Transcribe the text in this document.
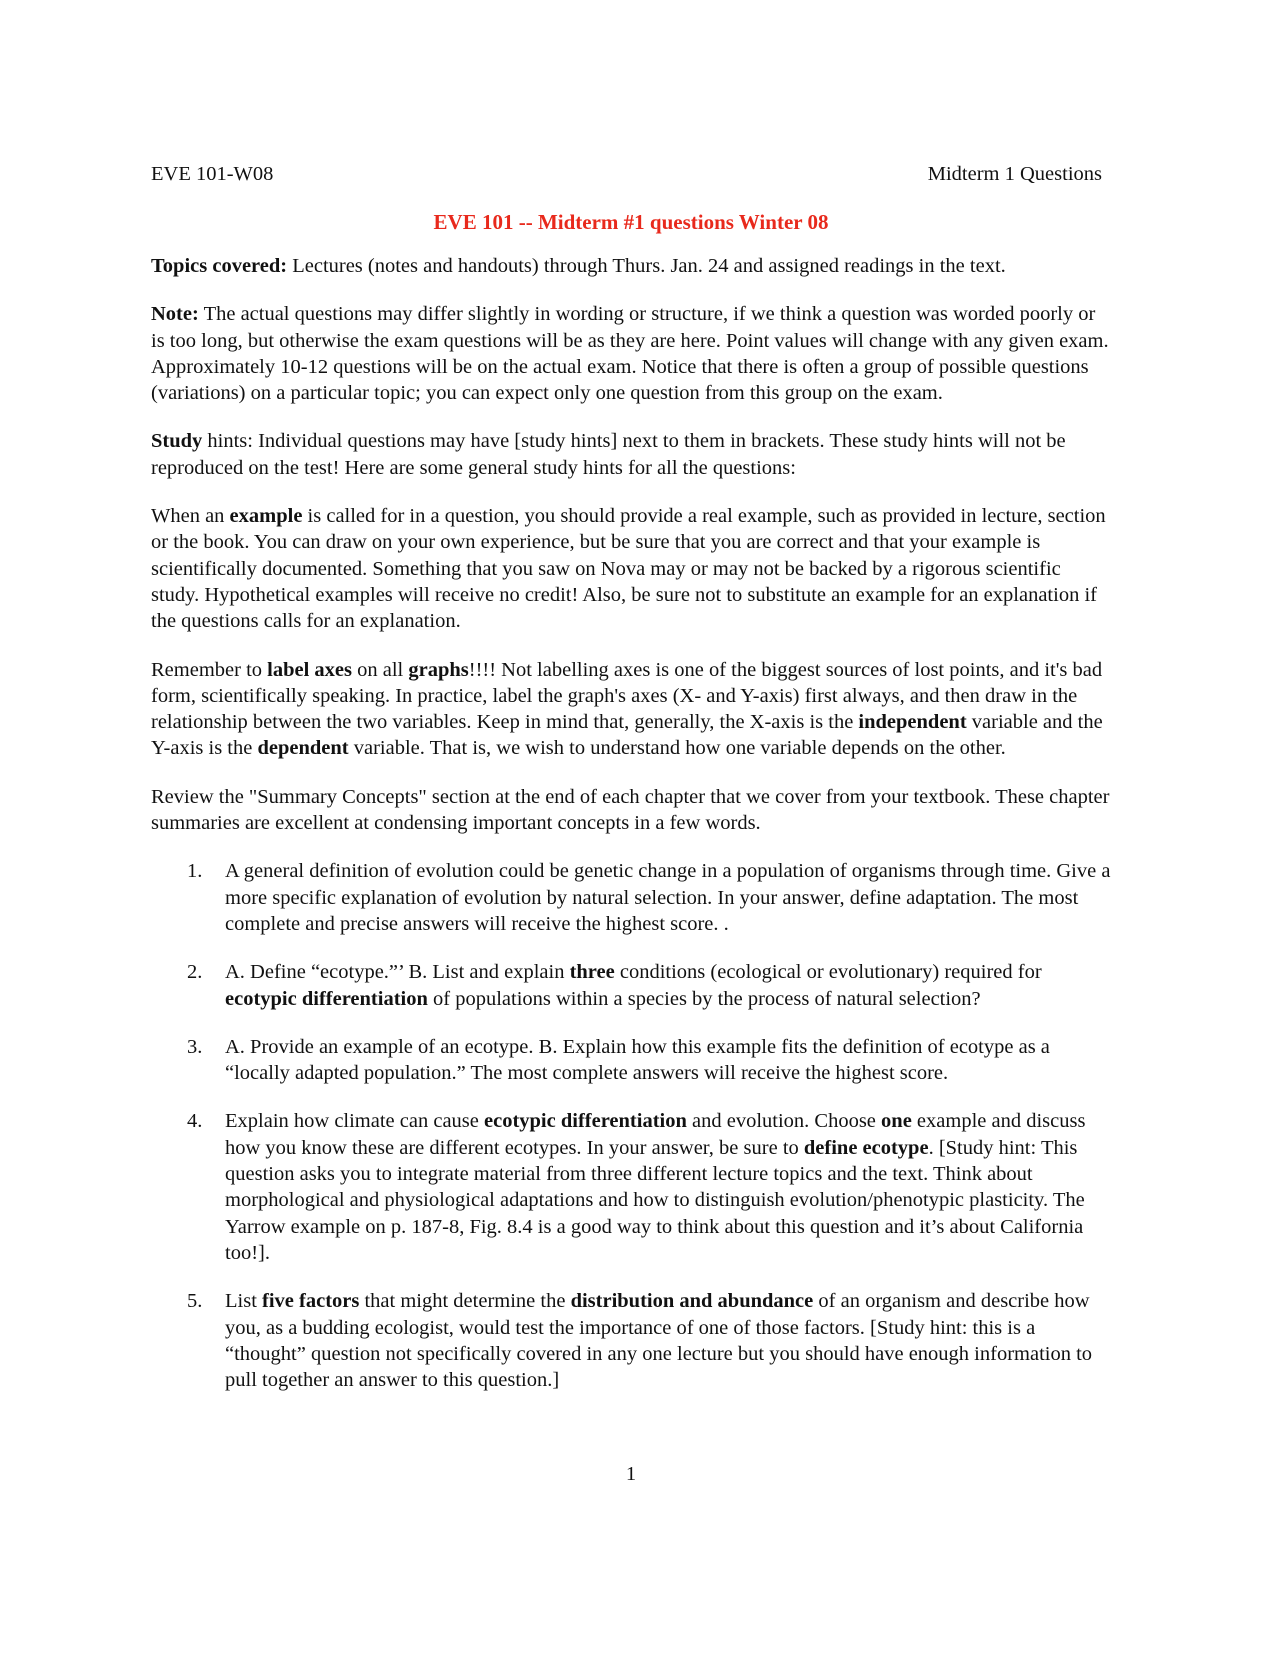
EVE 101-W08	Midterm 1 Questions
EVE 101 -- Midterm #1 questions Winter 08

Topics covered: Lectures (notes and handouts) through Thurs. Jan. 24 and assigned readings in the text.

Note: The actual questions may differ slightly in wording or structure, if we think a question was worded poorly or is too long, but otherwise the exam questions will be as they are here. Point values will change with any given exam. Approximately 10-12 questions will be on the actual exam. Notice that there is often a group of possible questions (variations) on a particular topic; you can expect only one question from this group on the exam.

Study hints: Individual questions may have [study hints] next to them in brackets. These study hints will not be reproduced on the test! Here are some general study hints for all the questions:

When an example is called for in a question, you should provide a real example, such as provided in lecture, section or the book. You can draw on your own experience, but be sure that you are correct and that your example is scientifically documented. Something that you saw on Nova may or may not be backed by a rigorous scientific study. Hypothetical examples will receive no credit! Also, be sure not to substitute an example for an explanation if the questions calls for an explanation.

Remember to label axes on all graphs!!!! Not labelling axes is one of the biggest sources of lost points, and it's bad form, scientifically speaking. In practice, label the graph's axes (X- and Y-axis) first always, and then draw in the relationship between the two variables. Keep in mind that, generally, the X-axis is the independent variable and the Y-axis is the dependent variable. That is, we wish to understand how one variable depends on the other.

Review the "Summary Concepts" section at the end of each chapter that we cover from your textbook. These chapter summaries are excellent at condensing important concepts in a few words.

1. A general definition of evolution could be genetic change in a population of organisms through time. Give a more specific explanation of evolution by natural selection. In your answer, define adaptation. The most complete and precise answers will receive the highest score. .
2. A. Define “ecotype.”’ B. List and explain three conditions (ecological or evolutionary) required for ecotypic differentiation of populations within a species by the process of natural selection?
3. A. Provide an example of an ecotype. B. Explain how this example fits the definition of ecotype as a “locally adapted population.” The most complete answers will receive the highest score.
4. Explain how climate can cause ecotypic differentiation and evolution. Choose one example and discuss how you know these are different ecotypes. In your answer, be sure to define ecotype. [Study hint: This question asks you to integrate material from three different lecture topics and the text. Think about morphological and physiological adaptations and how to distinguish evolution/phenotypic plasticity. The Yarrow example on p. 187-8, Fig. 8.4 is a good way to think about this question and it’s about California too!].
5. List five factors that might determine the distribution and abundance of an organism and describe how you, as a budding ecologist, would test the importance of one of those factors. [Study hint: this is a “thought” question not specifically covered in any one lecture but you should have enough information to pull together an answer to this question.]
1
